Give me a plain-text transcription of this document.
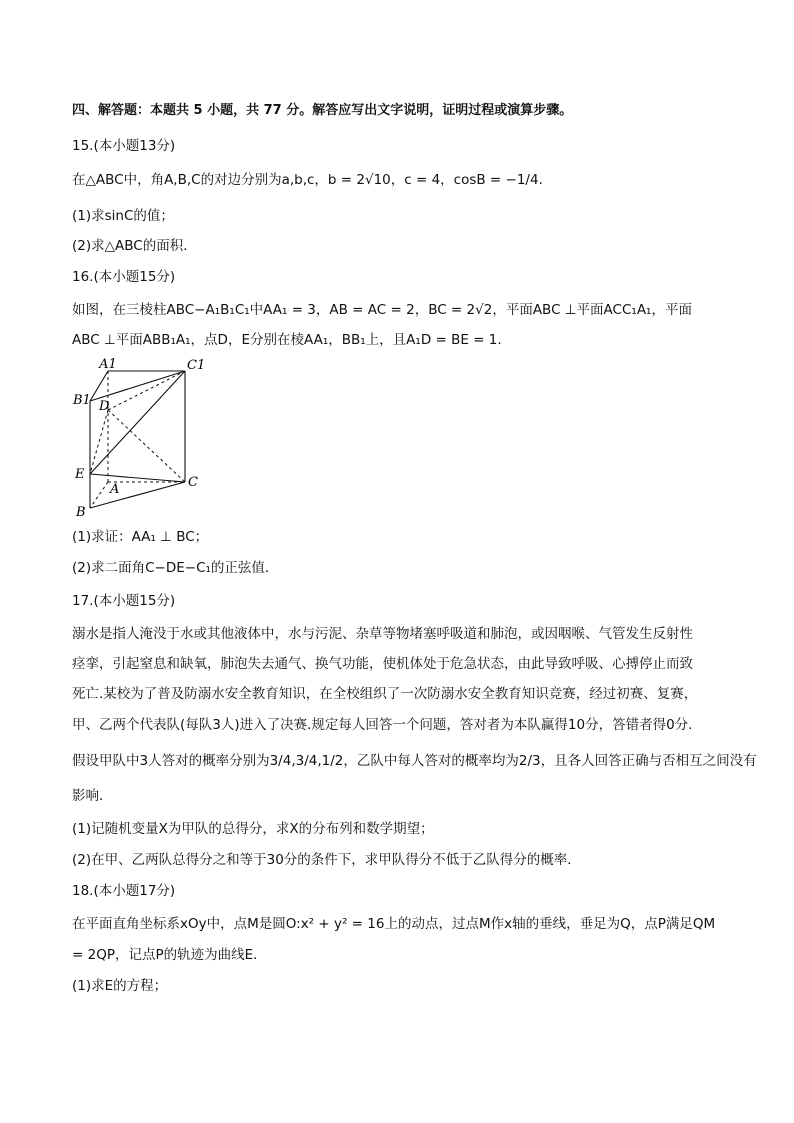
四、解答题：本题共 5 小题，共 77 分。解答应写出文字说明，证明过程或演算步骤。
15.(本小题13分)
在△ABC中，角A,B,C的对边分别为a,b,c，b = 2√10，c = 4，cosB = −1/4.
(1)求sinC的值；
(2)求△ABC的面积．
16.(本小题15分)
如图，在三棱柱ABC−A₁B₁C₁中AA₁ = 3，AB = AC = 2，BC = 2√2，平面ABC ⊥平面ACC₁A₁，平面
ABC ⊥平面ABB₁A₁，点D，E分别在棱AA₁，BB₁上，且A₁D = BE = 1.
A1	C1
B1 D
E
A	C
B
(1)求证：AA₁ ⊥ BC；
(2)求二面角C−DE−C₁的正弦值．
17.(本小题15分)
溺水是指人淹没于水或其他液体中，水与污泥、杂草等物堵塞呼吸道和肺泡，或因咽喉、气管发生反射性
痉挛，引起窒息和缺氧，肺泡失去通气、换气功能，使机体处于危急状态，由此导致呼吸、心搏停止而致
死亡.某校为了普及防溺水安全教育知识，在全校组织了一次防溺水安全教育知识竞赛，经过初赛、复赛，
甲、乙两个代表队(每队3人)进入了决赛.规定每人回答一个问题，答对者为本队赢得10分，答错者得0分.
假设甲队中3人答对的概率分别为3/4,3/4,1/2，乙队中每人答对的概率均为2/3，且各人回答正确与否相互之间没有
影响．
(1)记随机变量X为甲队的总得分，求X的分布列和数学期望；
(2)在甲、乙两队总得分之和等于30分的条件下，求甲队得分不低于乙队得分的概率．
18.(本小题17分)
在平面直角坐标系xOy中，点M是圆O:x² + y² = 16上的动点，过点M作x轴的垂线，垂足为Q，点P满足QM
= 2QP，记点P的轨迹为曲线E．
(1)求E的方程；
